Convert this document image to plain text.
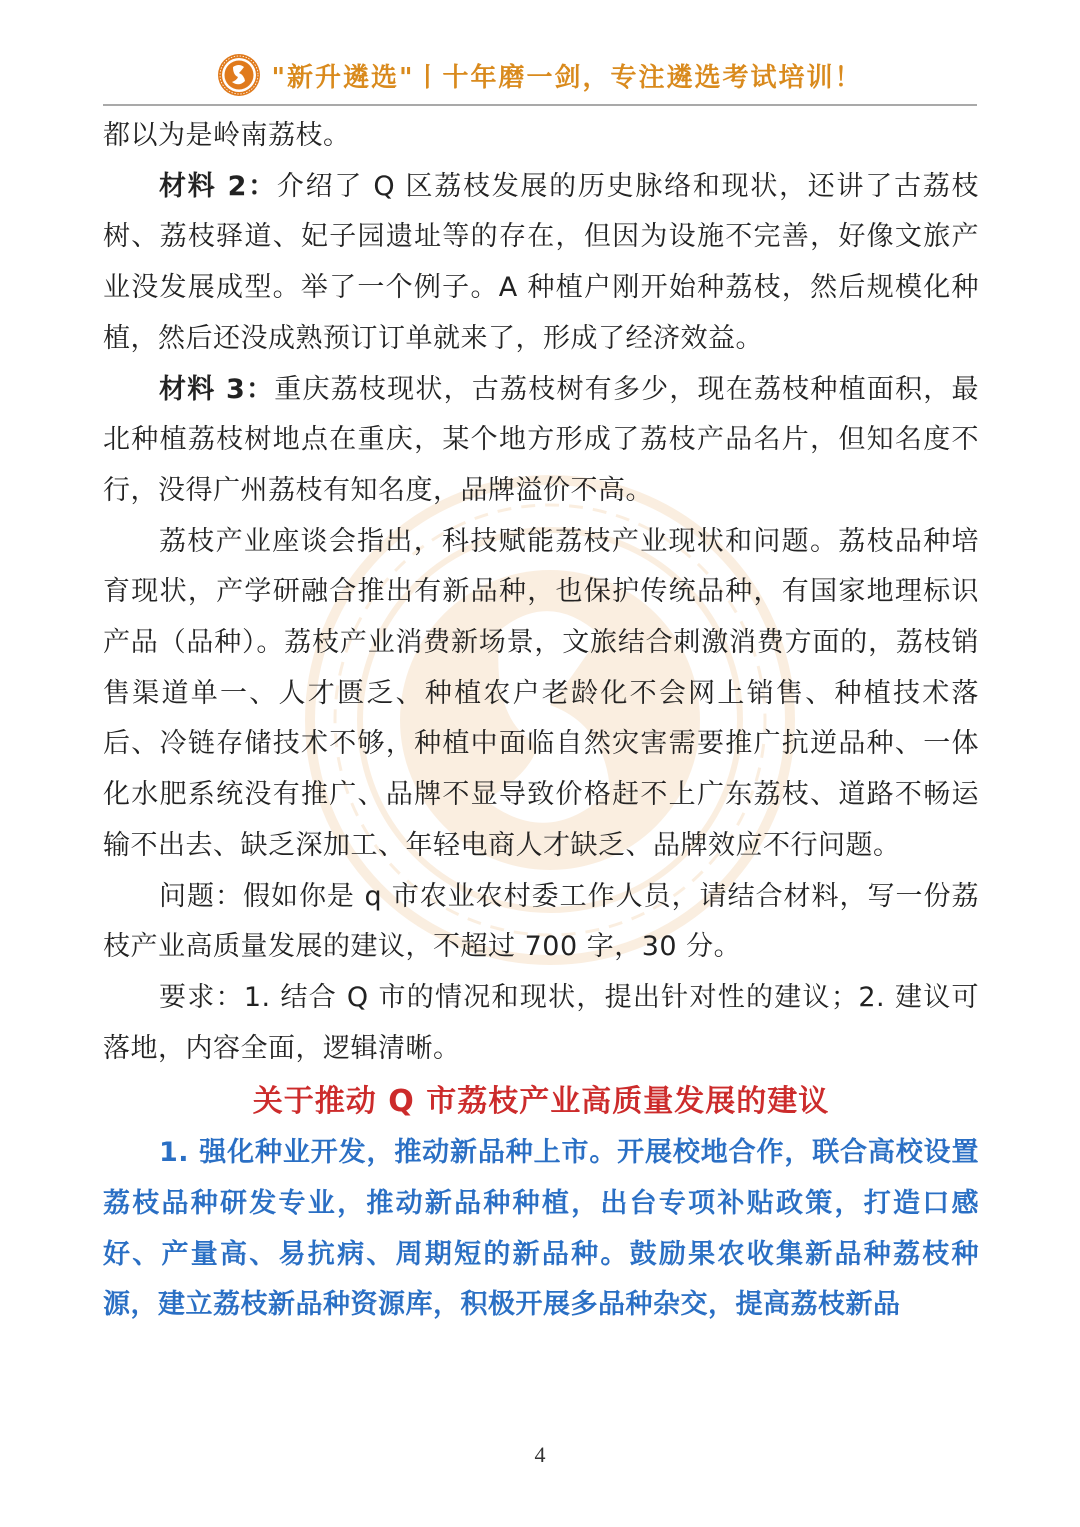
"新升遴选"丨十年磨一剑，专注遴选考试培训！

都以为是岭南荔枝。

材料 2：介绍了 Q 区荔枝发展的历史脉络和现状，还讲了古荔枝树、荔枝驿道、妃子园遗址等的存在，但因为设施不完善，好像文旅产业没发展成型。举了一个例子。A 种植户刚开始种荔枝，然后规模化种植，然后还没成熟预订订单就来了，形成了经济效益。

材料 3：重庆荔枝现状，古荔枝树有多少，现在荔枝种植面积，最北种植荔枝树地点在重庆，某个地方形成了荔枝产品名片，但知名度不行，没得广州荔枝有知名度，品牌溢价不高。

荔枝产业座谈会指出，科技赋能荔枝产业现状和问题。荔枝品种培育现状，产学研融合推出有新品种，也保护传统品种，有国家地理标识产品（品种）。荔枝产业消费新场景，文旅结合刺激消费方面的，荔枝销售渠道单一、人才匮乏、种植农户老龄化不会网上销售、种植技术落后、冷链存储技术不够，种植中面临自然灾害需要推广抗逆品种、一体化水肥系统没有推广、品牌不显导致价格赶不上广东荔枝、道路不畅运输不出去、缺乏深加工、年轻电商人才缺乏、品牌效应不行问题。

问题：假如你是 q 市农业农村委工作人员，请结合材料，写一份荔枝产业高质量发展的建议，不超过 700 字，30 分。

要求：1. 结合 Q 市的情况和现状，提出针对性的建议；2. 建议可落地，内容全面，逻辑清晰。

关于推动 Q 市荔枝产业高质量发展的建议

1. 强化种业开发，推动新品种上市。开展校地合作，联合高校设置荔枝品种研发专业，推动新品种种植，出台专项补贴政策，打造口感好、产量高、易抗病、周期短的新品种。鼓励果农收集新品种荔枝种源，建立荔枝新品种资源库，积极开展多品种杂交，提高荔枝新品

4
